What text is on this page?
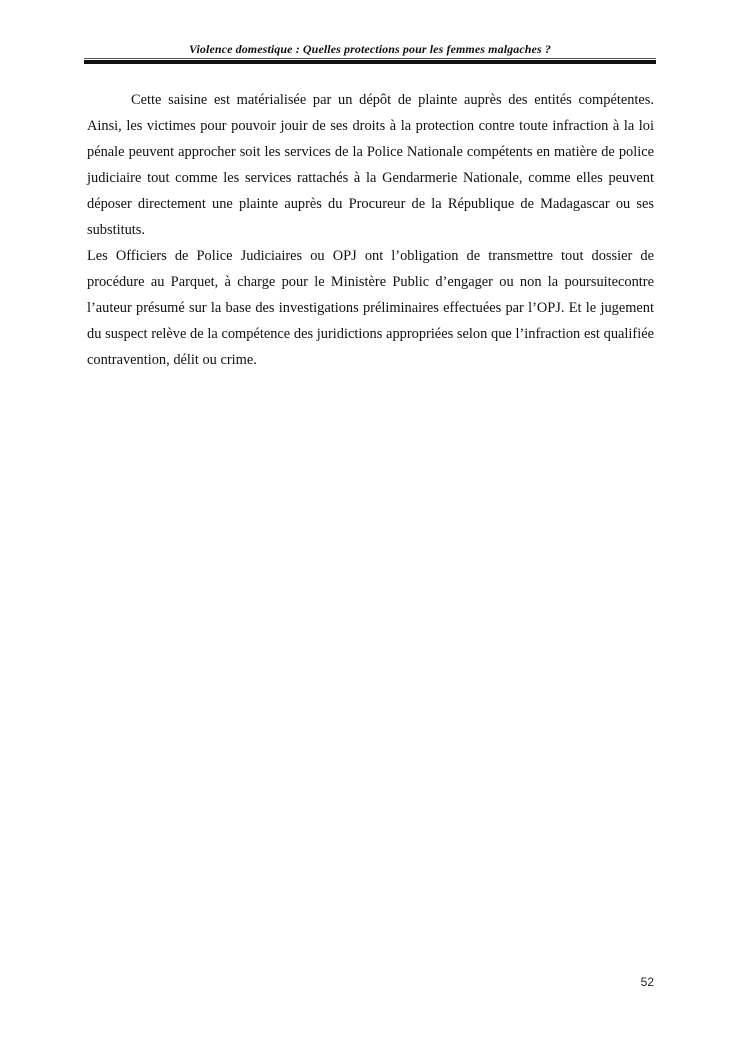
Violence domestique : Quelles protections pour les femmes malgaches ?

Cette saisine est matérialisée par un dépôt de plainte auprès des entités compétentes. Ainsi, les victimes pour pouvoir jouir de ses droits à la protection contre toute infraction à la loi pénale peuvent approcher soit les services de la Police Nationale compétents en matière de police judiciaire tout comme les services rattachés à la Gendarmerie Nationale, comme elles peuvent déposer directement une plainte auprès du Procureur de la République de Madagascar ou ses substituts.

Les Officiers de Police Judiciaires ou OPJ ont l’obligation de transmettre tout dossier de procédure au Parquet, à charge pour le Ministère Public d’engager ou non la poursuitecontre l’auteur présumé sur la base des investigations préliminaires effectuées par l’OPJ. Et le jugement du suspect relève de la compétence des juridictions appropriées selon que l’infraction est qualifiée contravention, délit ou crime.

52
